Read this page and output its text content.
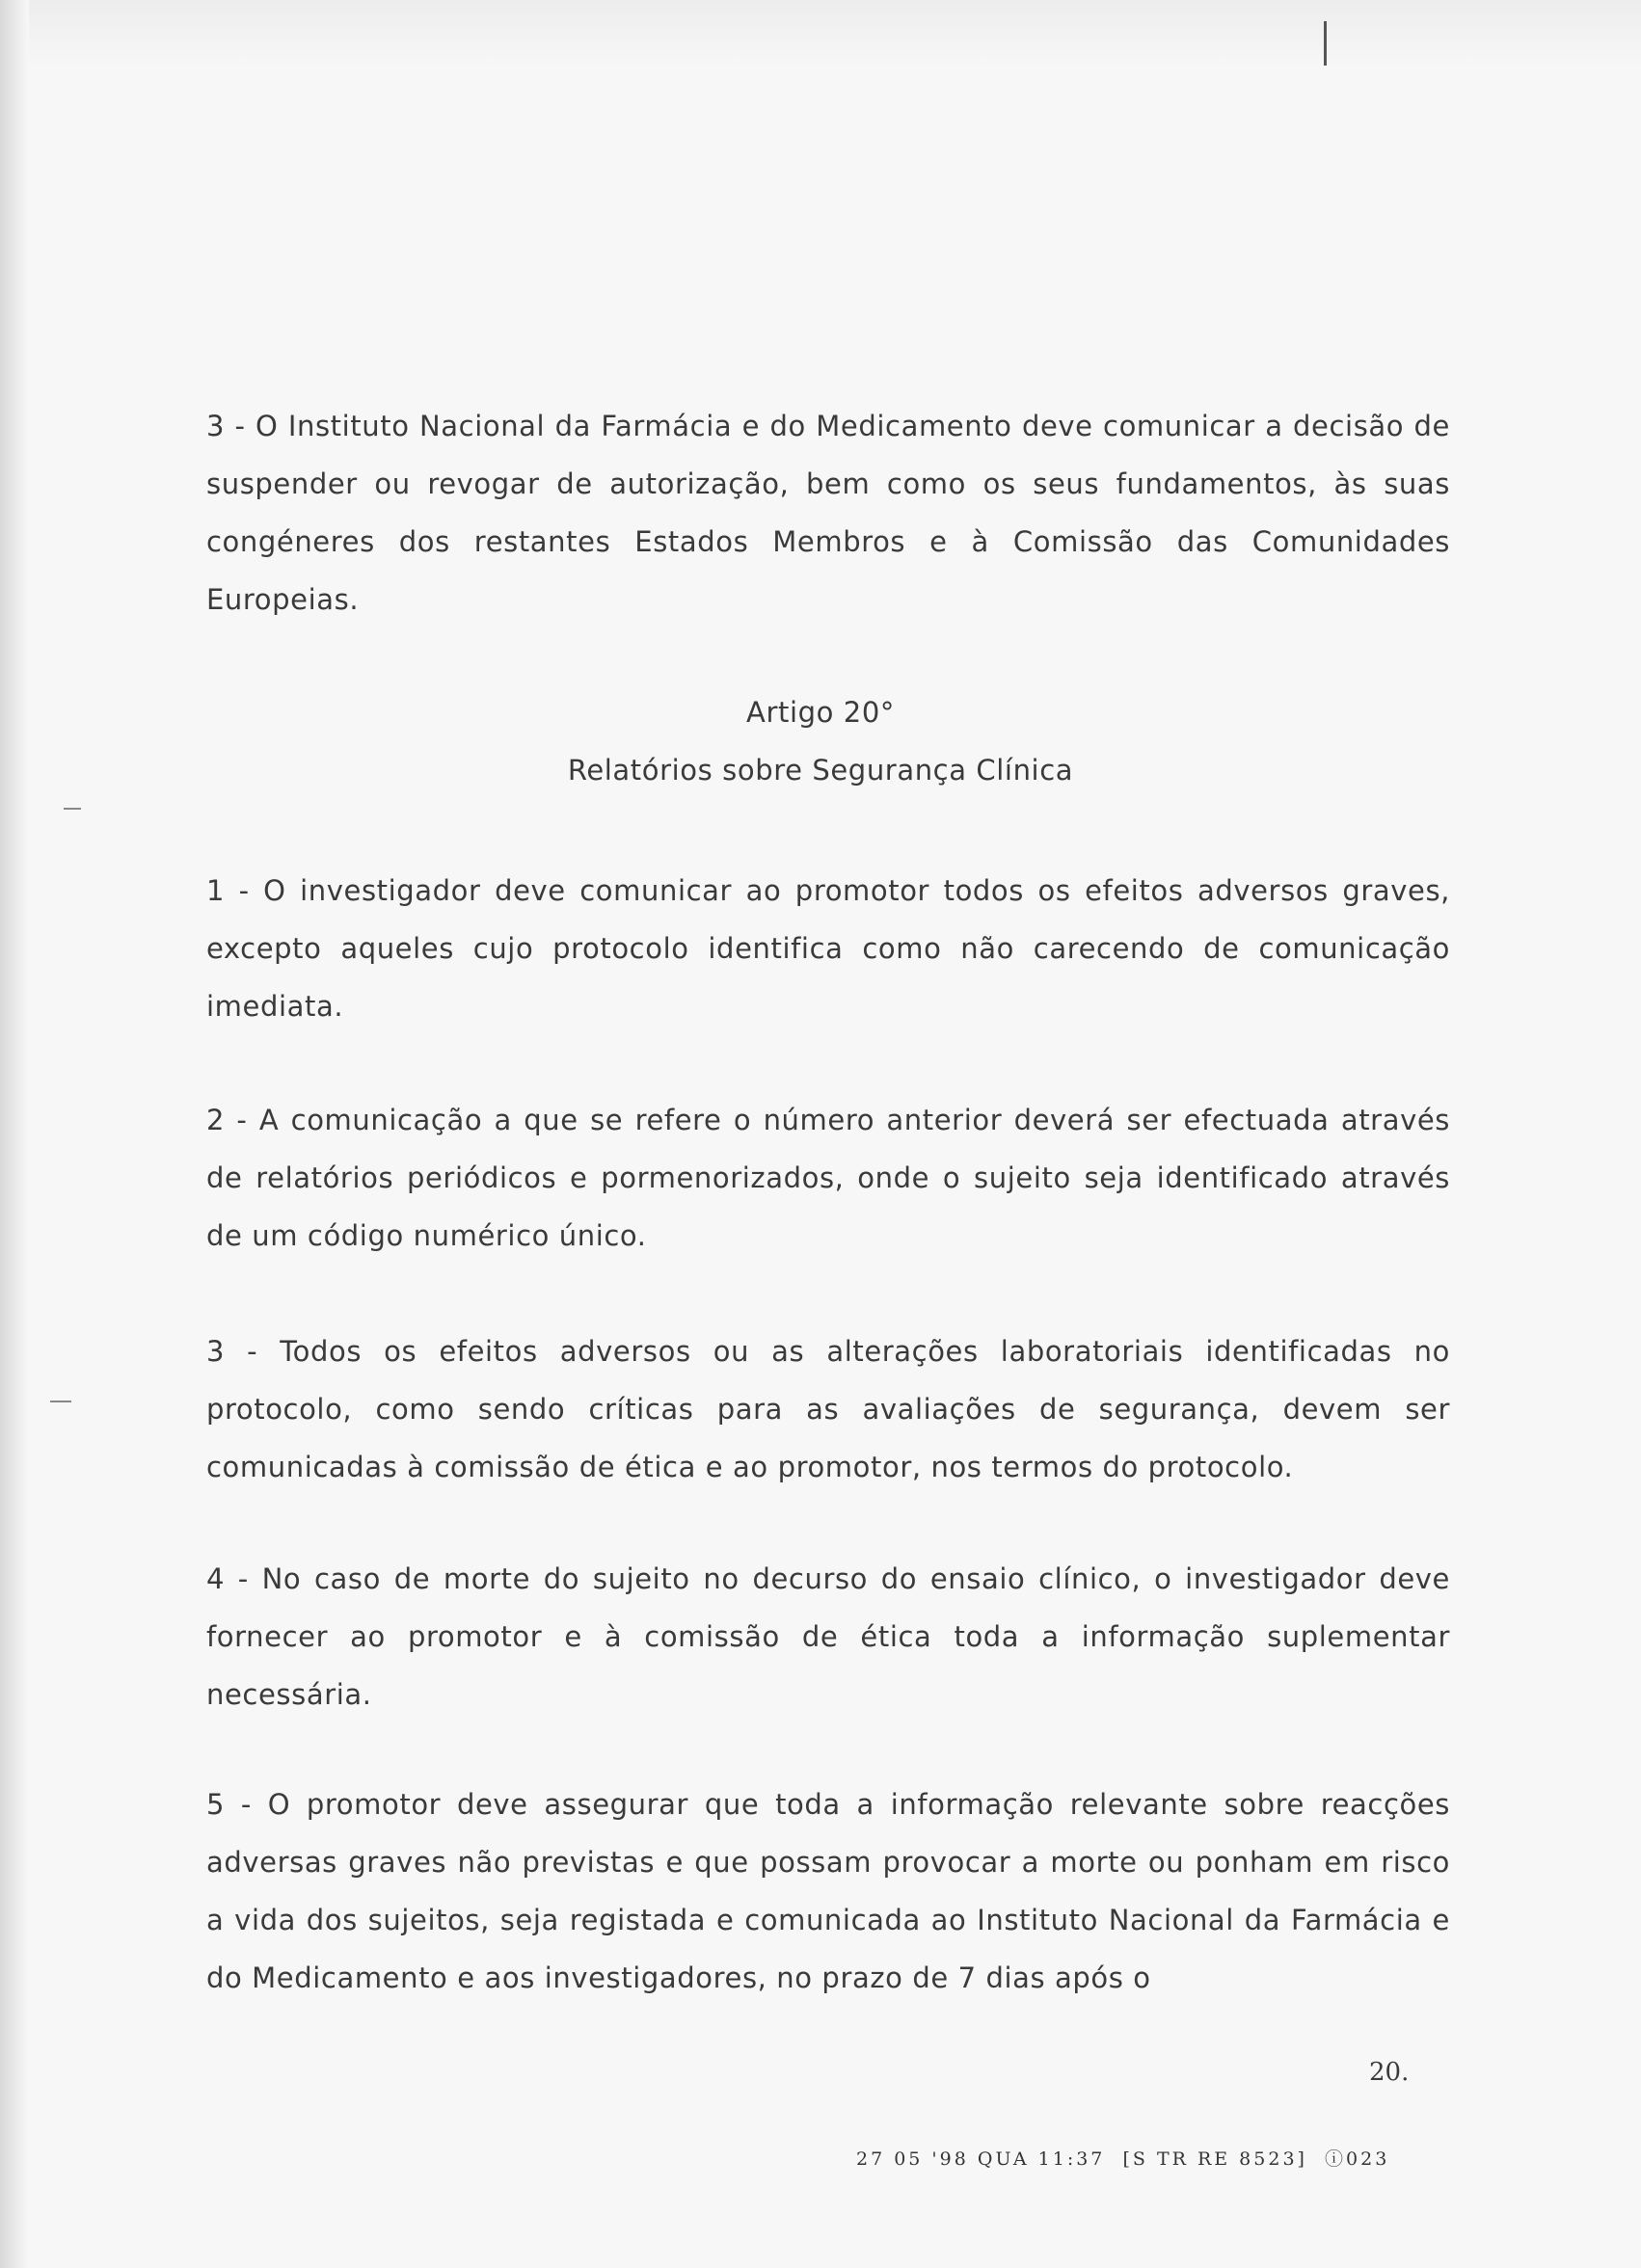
3 - O Instituto Nacional da Farmácia e do Medicamento deve comunicar a decisão de suspender ou revogar de autorização, bem como os seus fundamentos, às suas congéneres dos restantes Estados Membros e à Comissão das Comunidades Europeias.

Artigo 20°

Relatórios sobre Segurança Clínica

1 - O investigador deve comunicar ao promotor todos os efeitos adversos graves, excepto aqueles cujo protocolo identifica como não carecendo de comunicação imediata.

2 - A comunicação a que se refere o número anterior deverá ser efectuada através de relatórios periódicos e pormenorizados, onde o sujeito seja identificado através de um código numérico único.

3 - Todos os efeitos adversos ou as alterações laboratoriais identificadas no protocolo, como sendo críticas para as avaliações de segurança, devem ser comunicadas à comissão de ética e ao promotor, nos termos do protocolo.

4 - No caso de morte do sujeito no decurso do ensaio clínico, o investigador deve fornecer ao promotor e à comissão de ética toda a informação suplementar necessária.

5 - O promotor deve assegurar que toda a informação relevante sobre reacções adversas graves não previstas e que possam provocar a morte ou ponham em risco a vida dos sujeitos, seja registada e comunicada ao Instituto Nacional da Farmácia e do Medicamento e aos investigadores, no prazo de 7 dias após o

20.
27 05 '98 QUA 11:37  [S TR RE 8523]  ⓘ023
